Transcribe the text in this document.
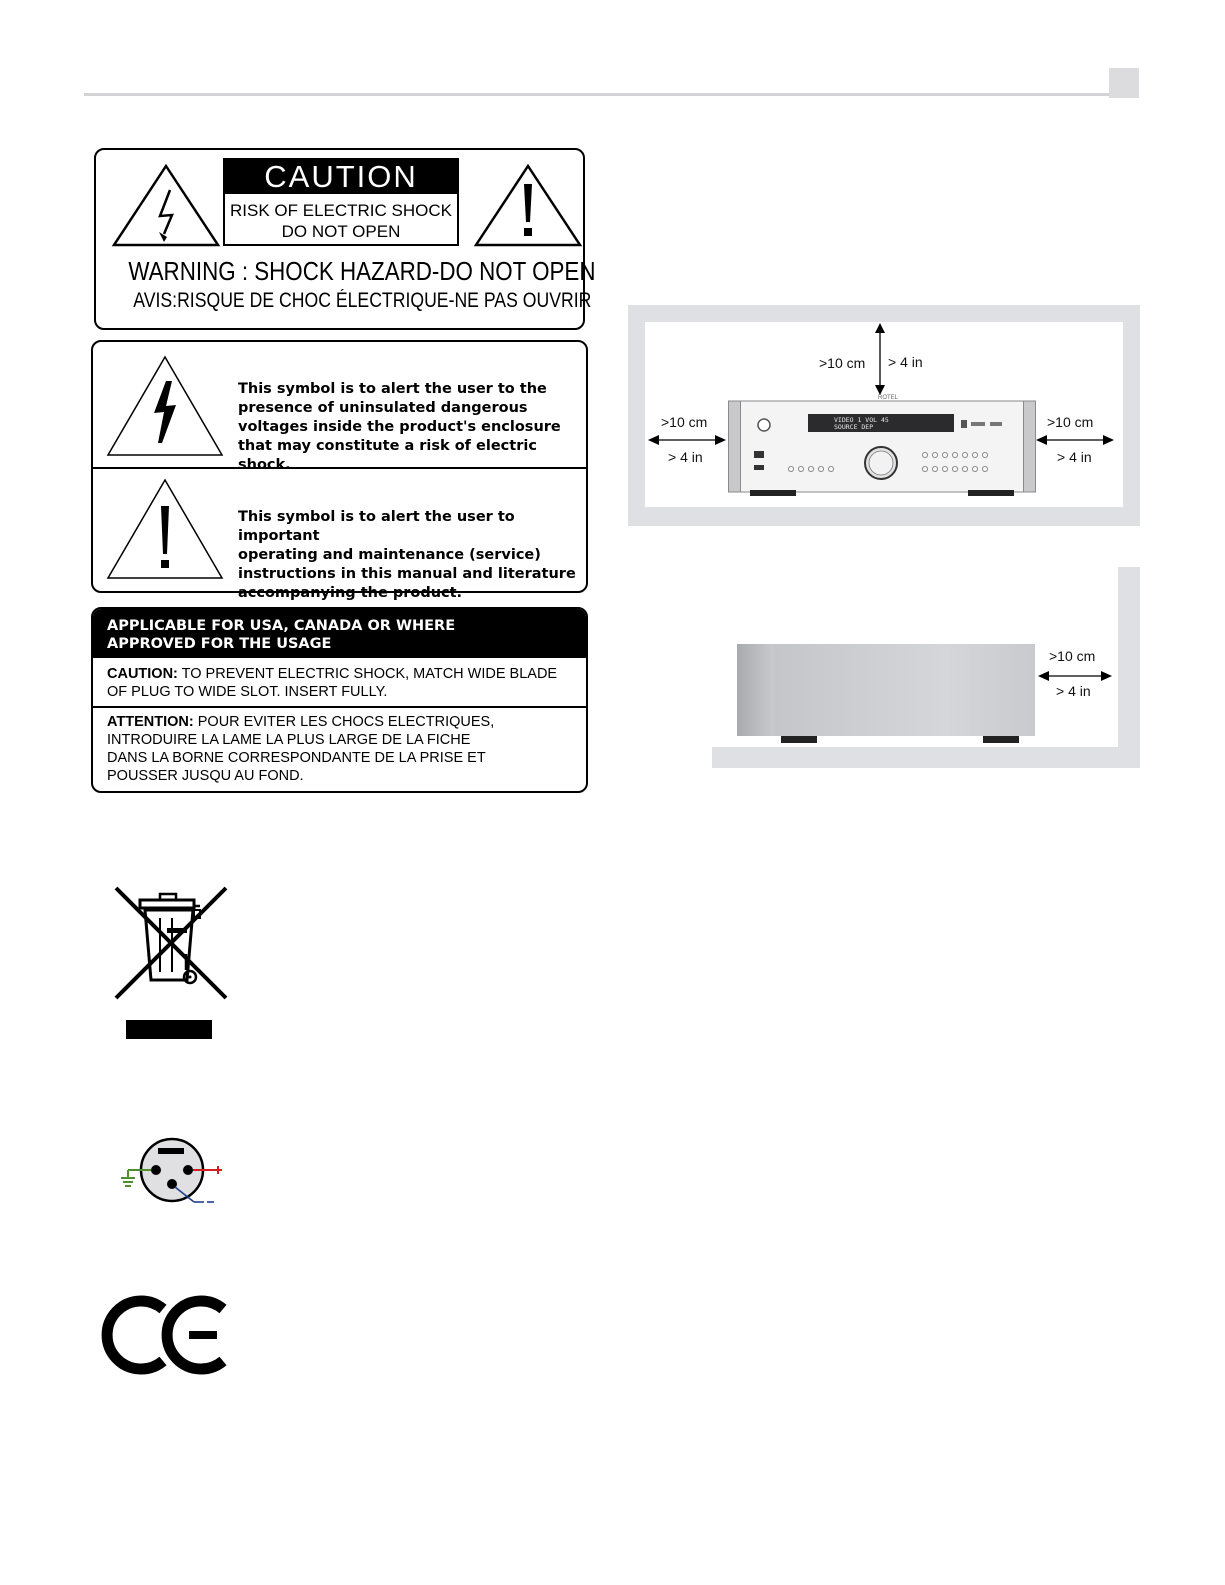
CAUTION
RISK OF ELECTRIC SHOCK
DO NOT OPEN
WARNING : SHOCK HAZARD-DO NOT OPEN
AVIS:RISQUE DE CHOC ÉLECTRIQUE-NE PAS OUVRIR
This symbol is to alert the user to the
presence of uninsulated dangerous
voltages inside the product's enclosure
that may constitute a risk of electric shock.
This symbol is to alert the user to important
operating and maintenance (service)
instructions in this manual and literature
accompanying the product.
APPLICABLE FOR USA, CANADA OR WHERE
APPROVED FOR THE USAGE
CAUTION: TO PREVENT ELECTRIC SHOCK, MATCH WIDE BLADE
OF PLUG TO WIDE SLOT. INSERT FULLY.
ATTENTION: POUR EVITER LES CHOCS ELECTRIQUES,
INTRODUIRE LA LAME LA PLUS LARGE DE LA FICHE
DANS LA BORNE CORRESPONDANTE DE LA PRISE ET
POUSSER JUSQU AU FOND.
>10 cm > 4 in
>10 cm
> 4 in
>10 cm
> 4 in
ROTEL
VIDEO 1 VOL 45
SOURCE DEP
>10 cm
> 4 in
